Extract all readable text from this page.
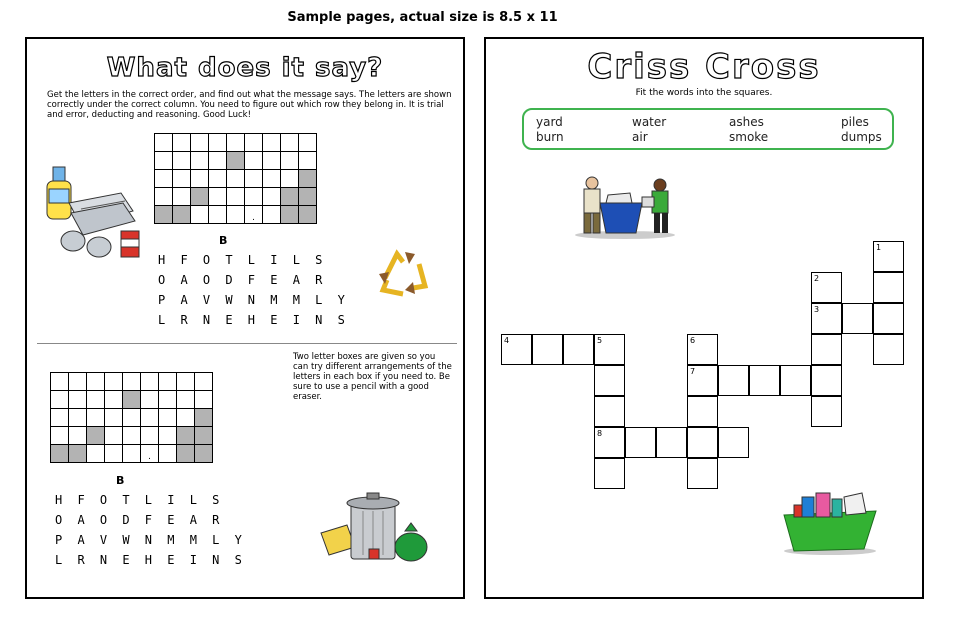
Sample pages, actual size is 8.5 x 11
What does it say?
Get the letters in the correct order, and find out what the message says. The letters are shown correctly under the correct column. You need to figure out which row they belong in. It is trial and error, deducting and reasoning. Good Luck!

					.			
B
H F O T L I L S
O A O D F E A R
P A V W N M M L Y
L R N E H E I N S
Two letter boxes are given so you can try different arrangements of the letters in each box if you need to. Be sure to use a pencil with a good eraser.

					.			
B
H F O T L I L S
O A O D F E A R
P A V W N M M L Y
L R N E H E I N S
Criss Cross
Fit the words into the squares.
yard	water	ashes	piles
burn	air	smoke	dumps
1
2
3
4	5
8
6
7
